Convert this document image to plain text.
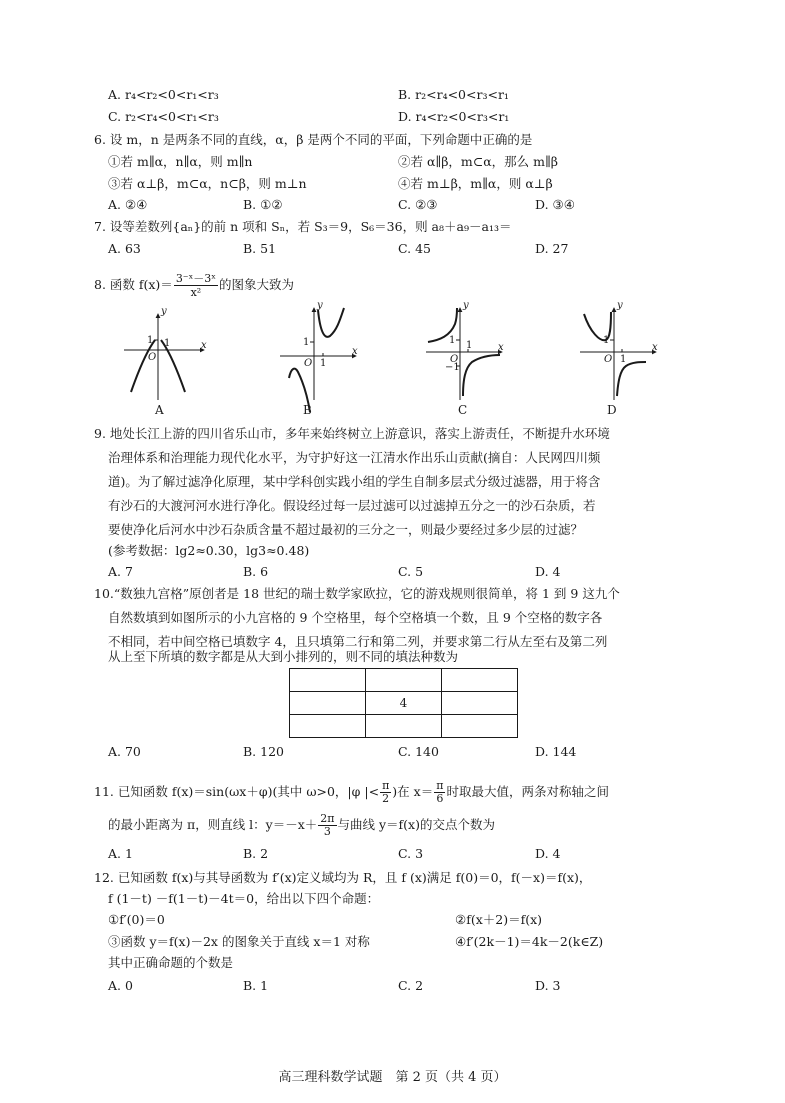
A. r₄<r₂<0<r₁<r₃	B. r₂<r₄<0<r₃<r₁
C. r₂<r₄<0<r₁<r₃	D. r₄<r₂<0<r₃<r₁
6. 设 m，n 是两条不同的直线，α，β 是两个不同的平面，下列命题中正确的是
①若 m∥α，n∥α，则 m∥n	②若 α∥β，m⊂α，那么 m∥β
③若 α⊥β，m⊂α，n⊂β，则 m⊥n	④若 m⊥β，m∥α，则 α⊥β
A. ②④	B. ①②	C. ②③	D. ③④
7. 设等差数列{aₙ}的前 n 项和 Sₙ，若 S₃＝9，S₆＝36，则 a₈＋a₉－a₁₃＝
A. 63	B. 51	C. 45	D. 27
8. 函数 $f(x)= \frac{\text{3⁻ˣ－3ˣ}}{\text{x²}}$ 的图象大致为
x
y
O
1 1
x
y
O
1
1
x
y
O
1
−1
1	x
y
O
1
1
A	B	C	D
9. 地处长江上游的四川省乐山市，多年来始终树立上游意识，落实上游责任，不断提升水环境
治理体系和治理能力现代化水平，为守护好这一江清水作出乐山贡献(摘自：人民网四川频
道)。为了解过滤净化原理，某中学科创实践小组的学生自制多层式分级过滤器，用于将含
有沙石的大渡河河水进行净化。假设经过每一层过滤可以过滤掉五分之一的沙石杂质，若
要使净化后河水中沙石杂质含量不超过最初的三分之一，则最少要经过多少层的过滤？
(参考数据：lg2≈0.30，lg3≈0.48)
A. 7	B. 6	C. 5	D. 4
10.“数独九宫格”原创者是 18 世纪的瑞士数学家欧拉，它的游戏规则很简单，将 1 到 9 这九个
自然数填到如图所示的小九宫格的 9 个空格里，每个空格填一个数，且 9 个空格的数字各
不相同，若中间空格已填数字 4，且只填第二行和第二列，并要求第二行从左至右及第二列
从上至下所填的数字都是从大到小排列的，则不同的填法种数为

	4	

A. 70	B. 120	C. 140	D. 144
11. 已知函数 f(x)＝sin(ωx＋φ)(其中 ω>0，|φ |< $\frac{\pi}{2}$ )在 $x= \frac{\pi}{6}$ 时取最大值，两条对称轴之间
的最小距离为 π，则直线 l：$y=-x+ \frac{2\pi}{3}$ 与曲线 y＝f(x)的交点个数为
A. 1	B. 2	C. 3	D. 4
12. 已知函数 f(x)与其导函数为 f′(x)定义域均为 R，且 f (x)满足 f(0)＝0，f(－x)＝f(x)，
f (1－t) －f(1－t)－4t＝0，给出以下四个命题：
①f′(0)＝0	②f(x＋2)＝f(x)
③函数 y＝f(x)－2x 的图象关于直线 x＝1 对称	④f′(2k－1)＝4k－2(k∈Z)
其中正确命题的个数是
A. 0	B. 1	C. 2	D. 3
高三理科数学试题　第 2 页（共 4 页）
